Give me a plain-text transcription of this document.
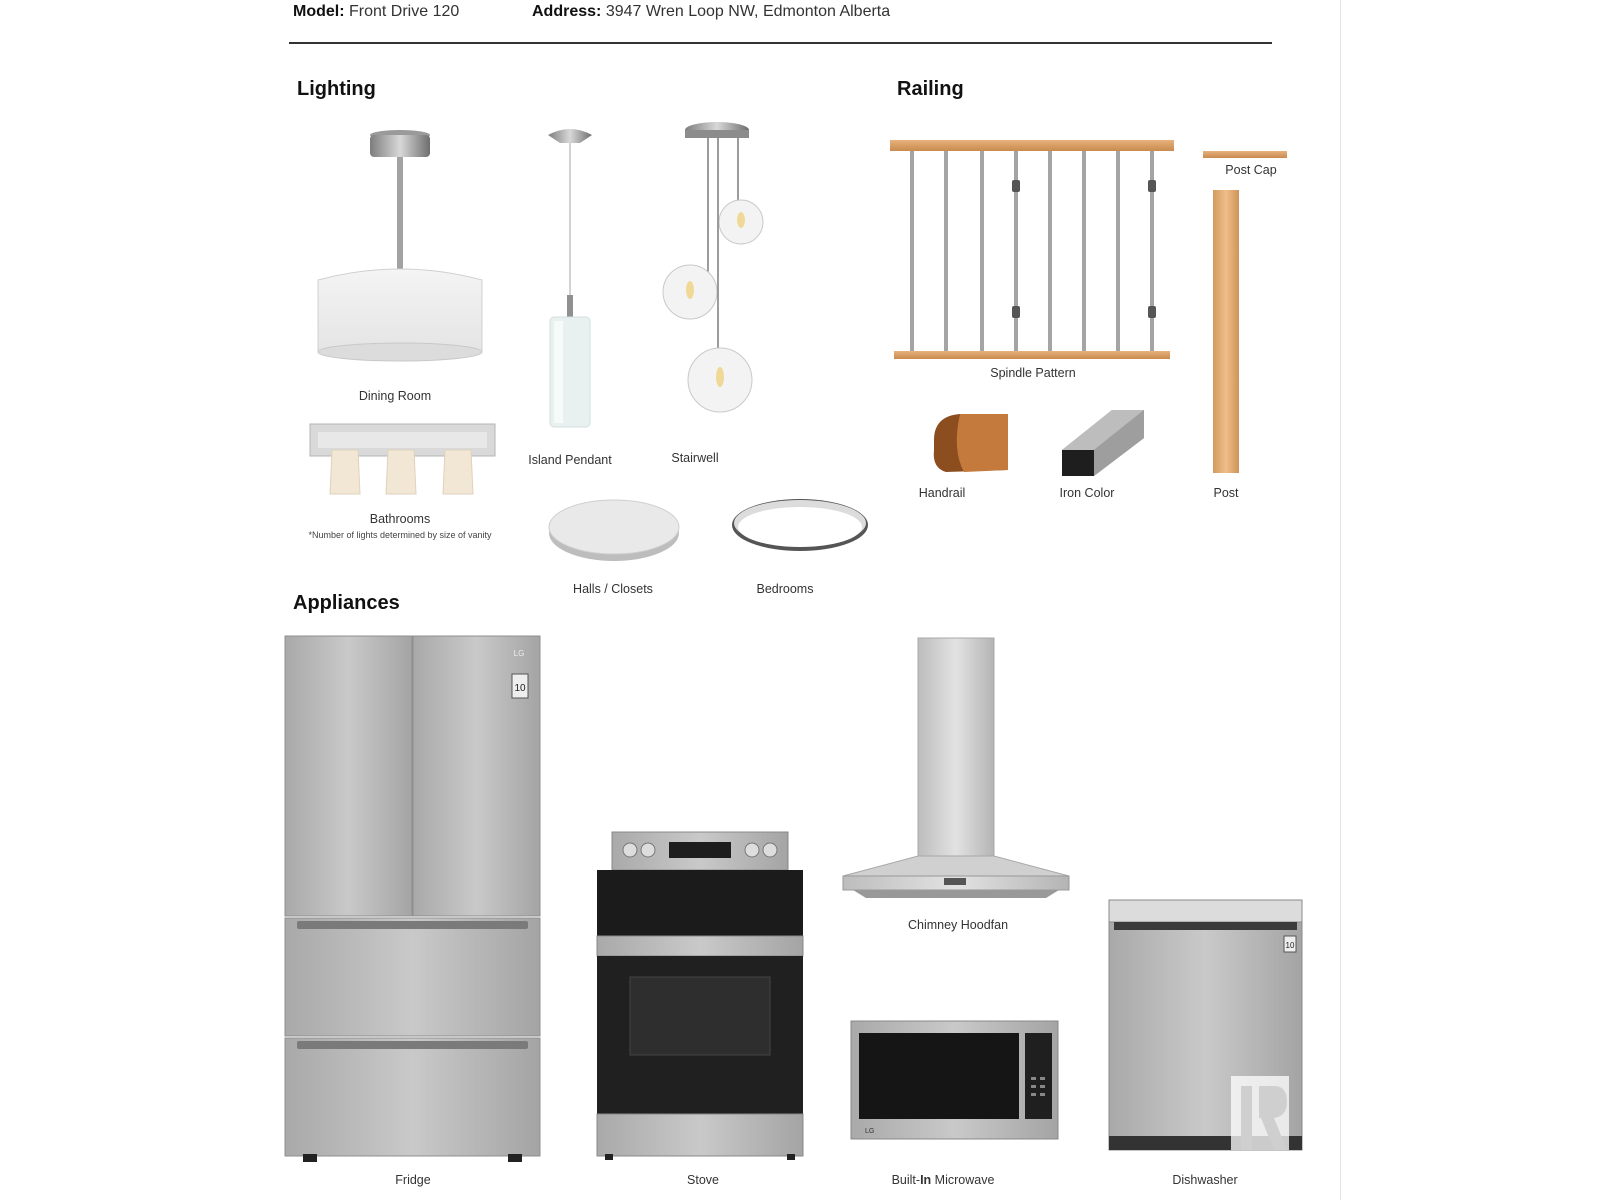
Model: Front Drive 120	Address: 3947 Wren Loop NW, Edmonton Alberta
Lighting	Railing
Appliances
Dining Room
Island Pendant	Stairwell
Bathrooms
*Number of lights determined by size of vanity
Halls / Closets	Bedrooms
Spindle Pattern
Post Cap
Post
Handrail	Iron Color
10
LG
Fridge	Stove
Chimney Hoodfan
LG
Built-In Microwave
10
Dishwasher
